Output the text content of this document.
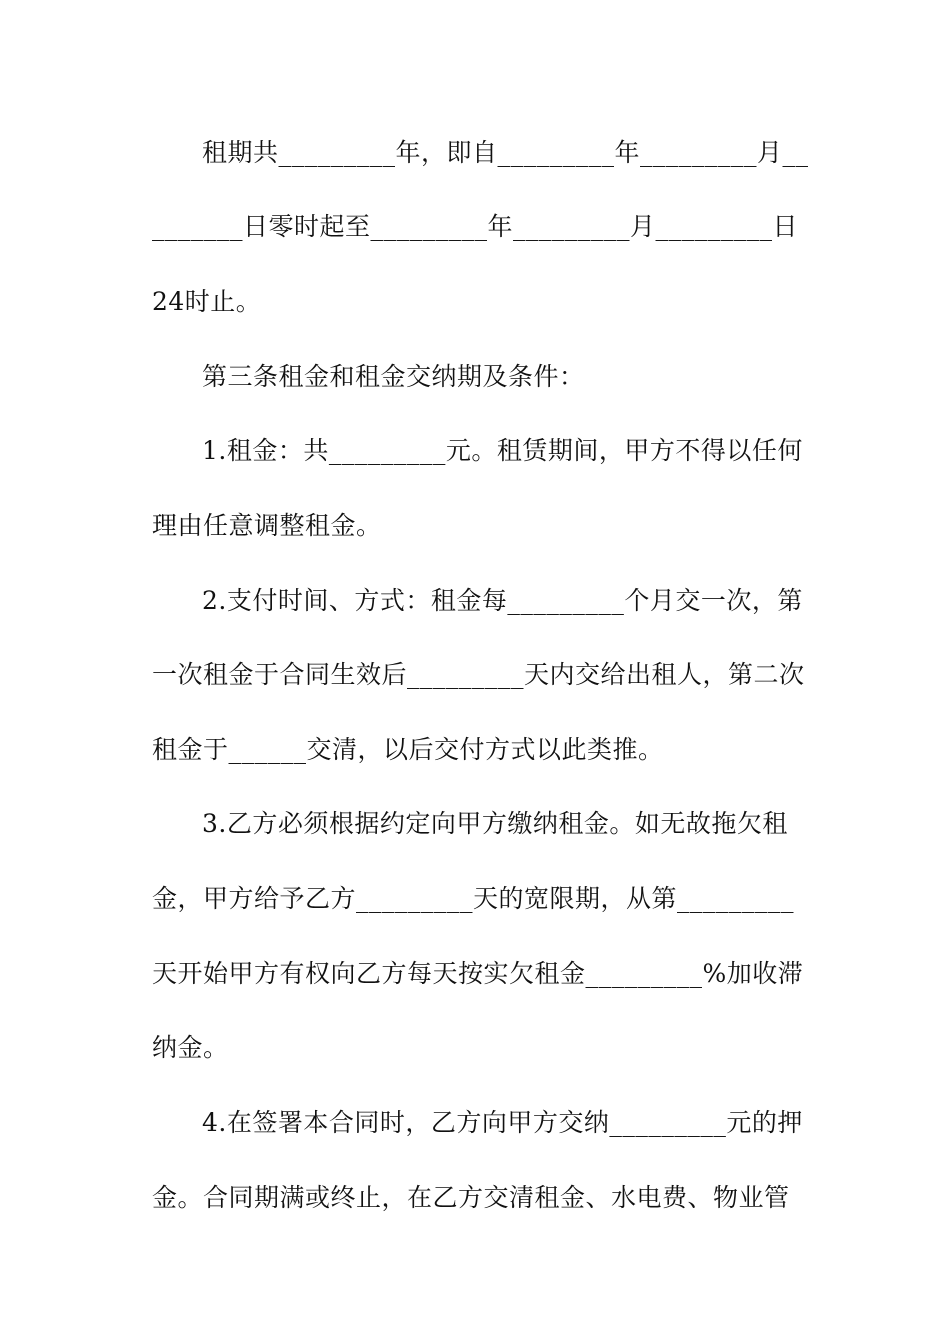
租期共_________年，即自_________年_________月__
_______日零时起至_________年_________月_________日
24时止。
第三条租金和租金交纳期及条件：
1.租金：共_________元。租赁期间，甲方不得以任何
理由任意调整租金。
2.支付时间、方式：租金每_________个月交一次，第
一次租金于合同生效后_________天内交给出租人，第二次
租金于______交清，以后交付方式以此类推。
3.乙方必须根据约定向甲方缴纳租金。如无故拖欠租
金，甲方给予乙方_________天的宽限期，从第_________
天开始甲方有权向乙方每天按实欠租金_________%加收滞
纳金。
4.在签署本合同时，乙方向甲方交纳_________元的押
金。合同期满或终止，在乙方交清租金、水电费、物业管
